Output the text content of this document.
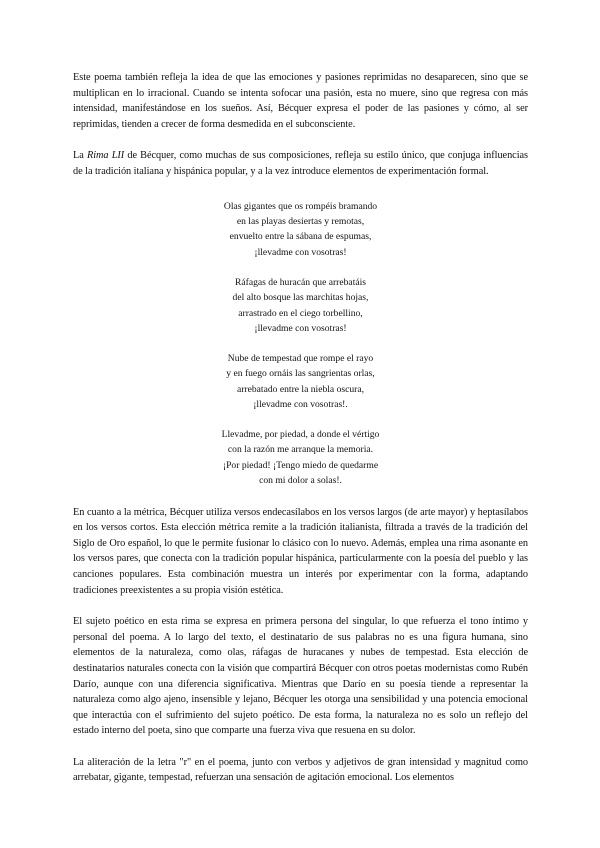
Este poema también refleja la idea de que las emociones y pasiones reprimidas no desaparecen, sino que se multiplican en lo irracional. Cuando se intenta sofocar una pasión, esta no muere, sino que regresa con más intensidad, manifestándose en los sueños. Así, Bécquer expresa el poder de las pasiones y cómo, al ser reprimidas, tienden a crecer de forma desmedida en el subconsciente.

La Rima LII de Bécquer, como muchas de sus composiciones, refleja su estilo único, que conjuga influencias de la tradición italiana y hispánica popular, y a la vez introduce elementos de experimentación formal.

Olas gigantes que os rompéis bramando
en las playas desiertas y remotas,
envuelto entre la sábana de espumas,
¡llevadme con vosotras!
Ráfagas de huracán que arrebatáis
del alto bosque las marchitas hojas,
arrastrado en el ciego torbellino,
¡llevadme con vosotras!
Nube de tempestad que rompe el rayo
y en fuego ornáis las sangrientas orlas,
arrebatado entre la niebla oscura,
¡llevadme con vosotras!.
Llevadme, por piedad, a donde el vértigo
con la razón me arranque la memoria.
¡Por piedad! ¡Tengo miedo de quedarme
con mi dolor a solas!.

En cuanto a la métrica, Bécquer utiliza versos endecasílabos en los versos largos (de arte mayor) y heptasílabos en los versos cortos. Esta elección métrica remite a la tradición italianista, filtrada a través de la tradición del Siglo de Oro español, lo que le permite fusionar lo clásico con lo nuevo. Además, emplea una rima asonante en los versos pares, que conecta con la tradición popular hispánica, particularmente con la poesía del pueblo y las canciones populares. Esta combinación muestra un interés por experimentar con la forma, adaptando tradiciones preexistentes a su propia visión estética.

El sujeto poético en esta rima se expresa en primera persona del singular, lo que refuerza el tono íntimo y personal del poema. A lo largo del texto, el destinatario de sus palabras no es una figura humana, sino elementos de la naturaleza, como olas, ráfagas de huracanes y nubes de tempestad. Esta elección de destinatarios naturales conecta con la visión que compartirá Bécquer con otros poetas modernistas como Rubén Darío, aunque con una diferencia significativa. Mientras que Darío en su poesía tiende a representar la naturaleza como algo ajeno, insensible y lejano, Bécquer les otorga una sensibilidad y una potencia emocional que interactúa con el sufrimiento del sujeto poético. De esta forma, la naturaleza no es solo un reflejo del estado interno del poeta, sino que comparte una fuerza viva que resuena en su dolor.

La aliteración de la letra "r" en el poema, junto con verbos y adjetivos de gran intensidad y magnitud como arrebatar, gigante, tempestad, refuerzan una sensación de agitación emocional. Los elementos
